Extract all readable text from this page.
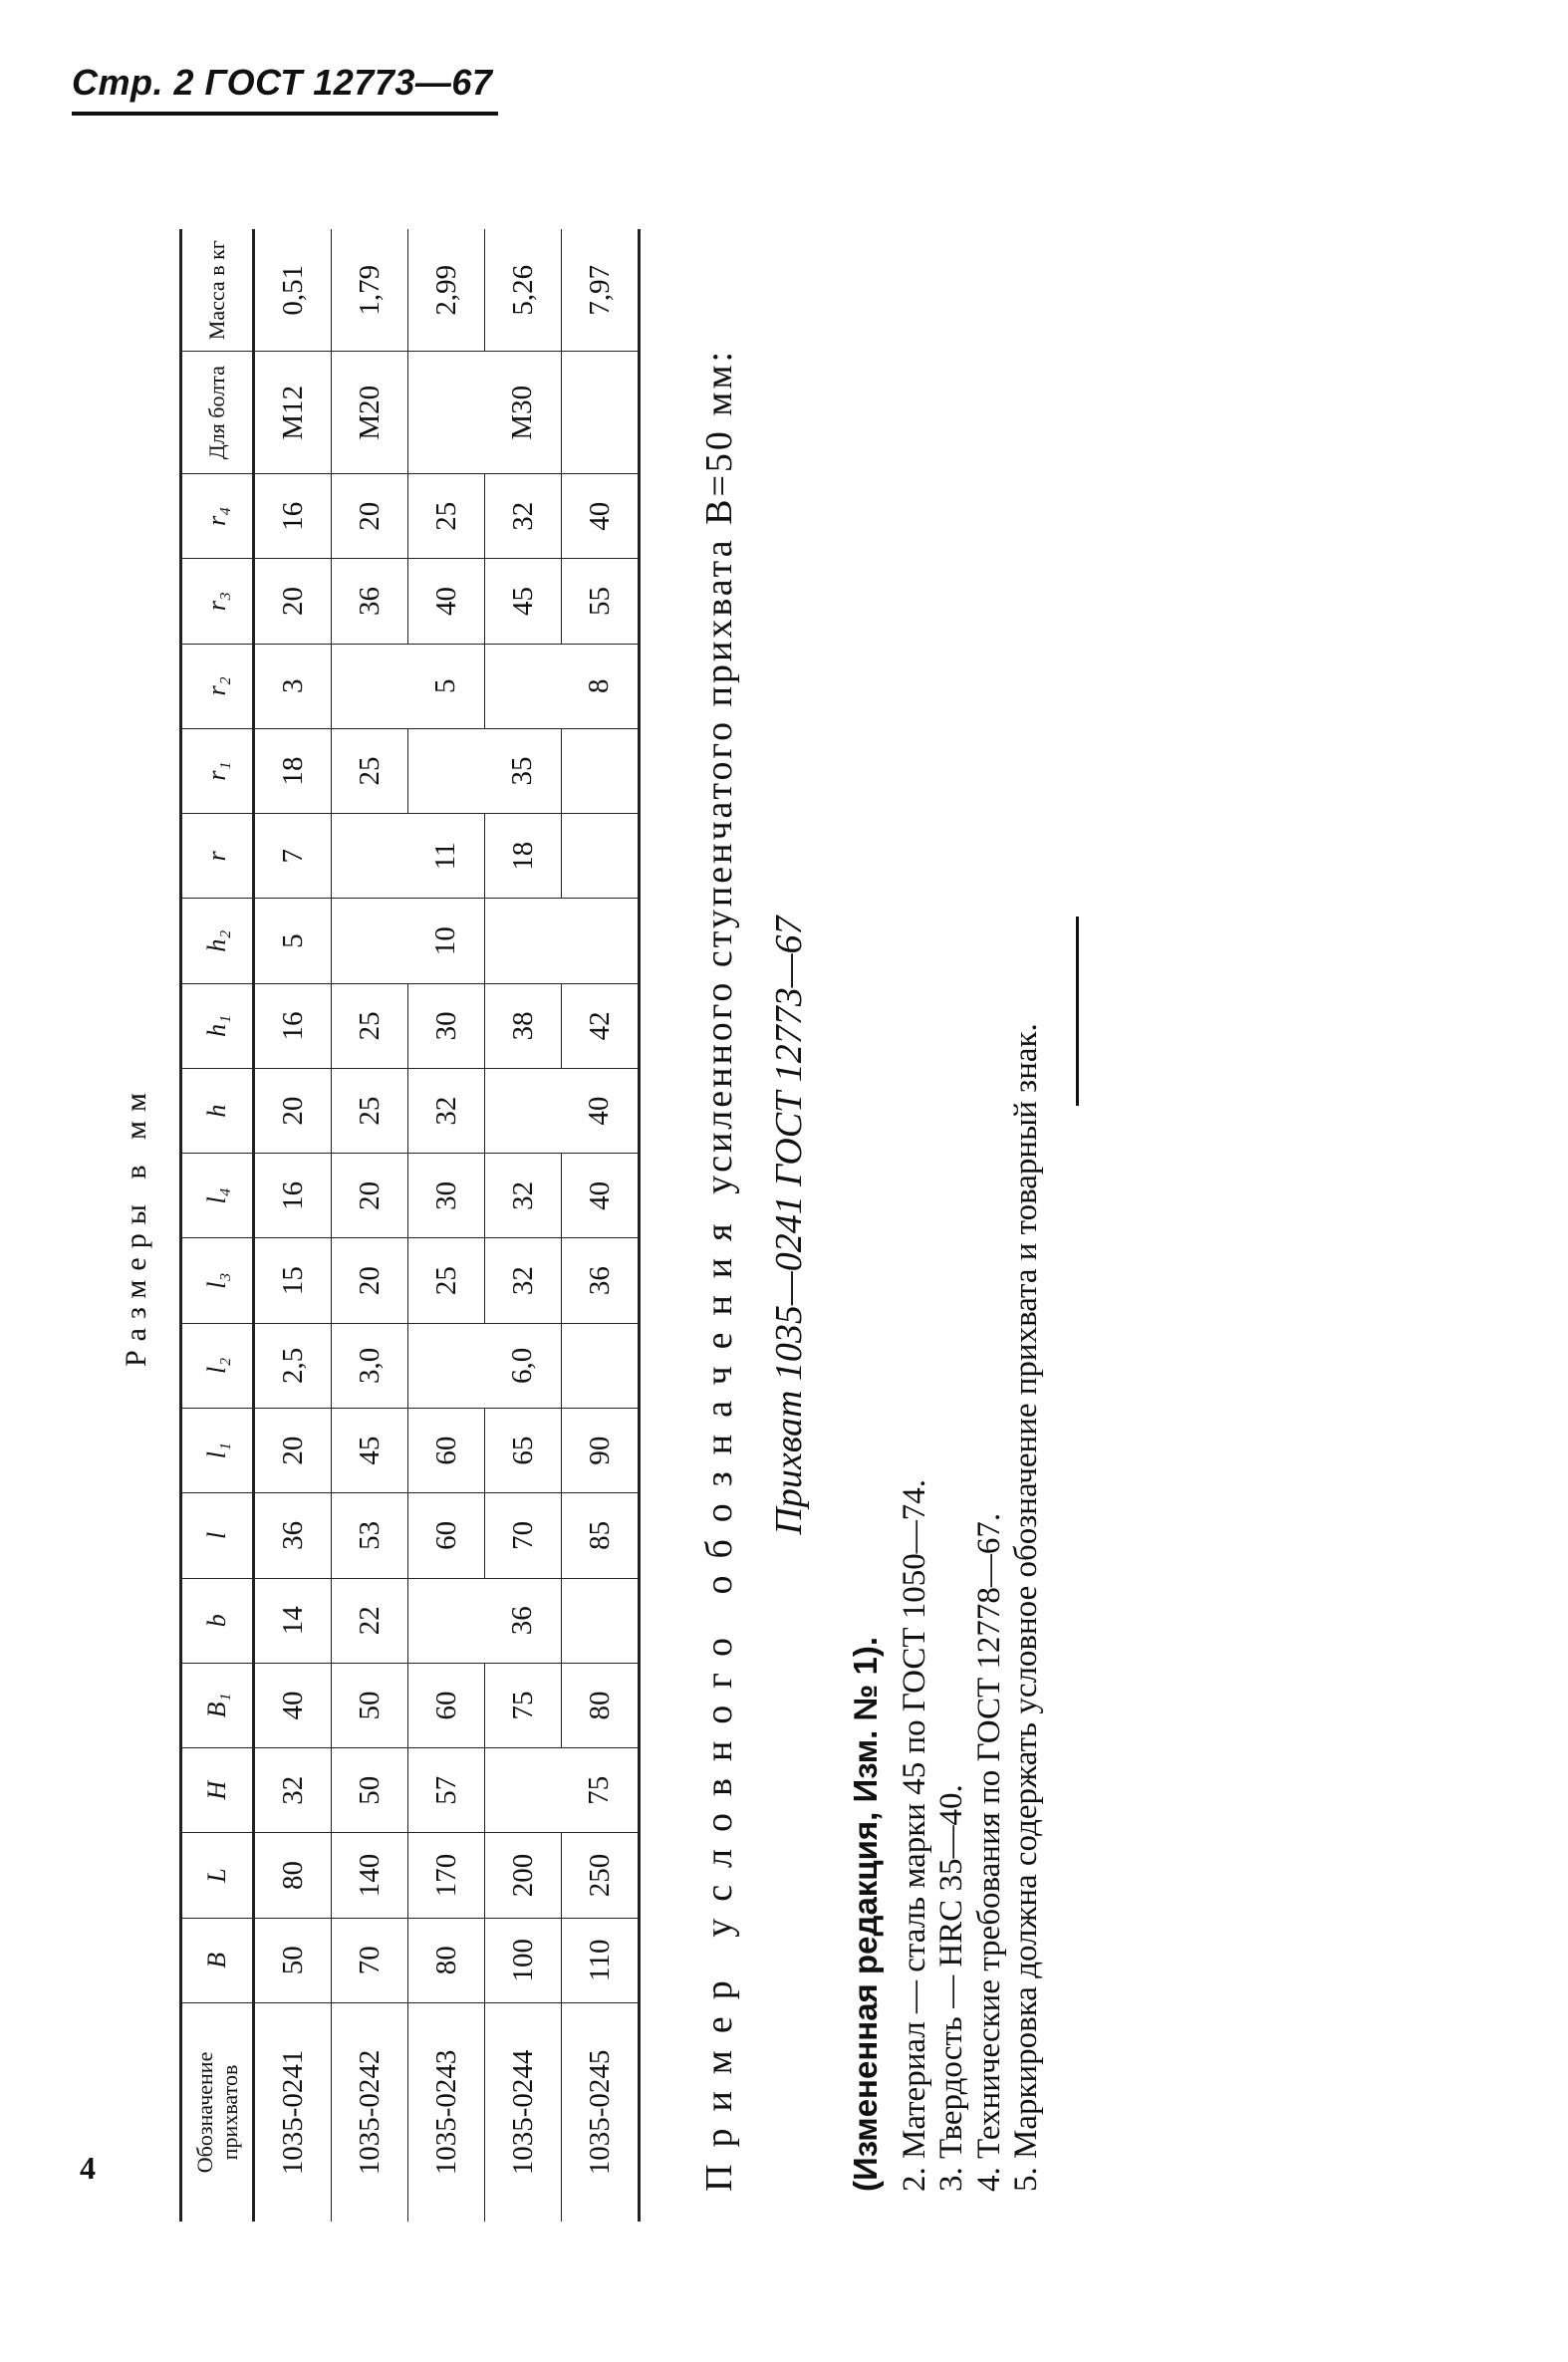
Стр. 2 ГОСТ 12773—67
4
Размеры в мм
Обозначение прихватов	B	L	H	B₁	b	l	l₁	l₂	l₃	l₄	h	h₁	h₂	r	r₁	r₂	r₃	r₄	Для болта	Масса в кг
1035-0241	50	80	32	40	14	36	20	2,5	15	16	20	16	5	7	18	3	20	16	M12	0,51
1035-0242	70	140	50	50	22	53	45	3,0	20	20	25	25			25		36	20	M20	1,79
1035-0243	80	170	57	60		60	60		25	30	32	30	10	11		5	40	25		2,99
1035-0244	100	200		75	36	70	65	6,0	32	32		38		18	35		45	32	M30	5,26
1035-0245	110	250	75	80		85	90		36	40	40	42				8	55	40		7,97
Пример условного обозначения усиленного ступенчатого прихвата B=50 мм:
Прихват 1035—0241 ГОСТ 12773—67
(Измененная редакция, Изм. № 1). 2. Материал — сталь марки 45 по ГОСТ 1050—74. 3. Твердость — HRC 35—40. 4. Технические требования по ГОСТ 12778—67. 5. Маркировка должна содержать условное обозначение прихвата и товарный знак.
